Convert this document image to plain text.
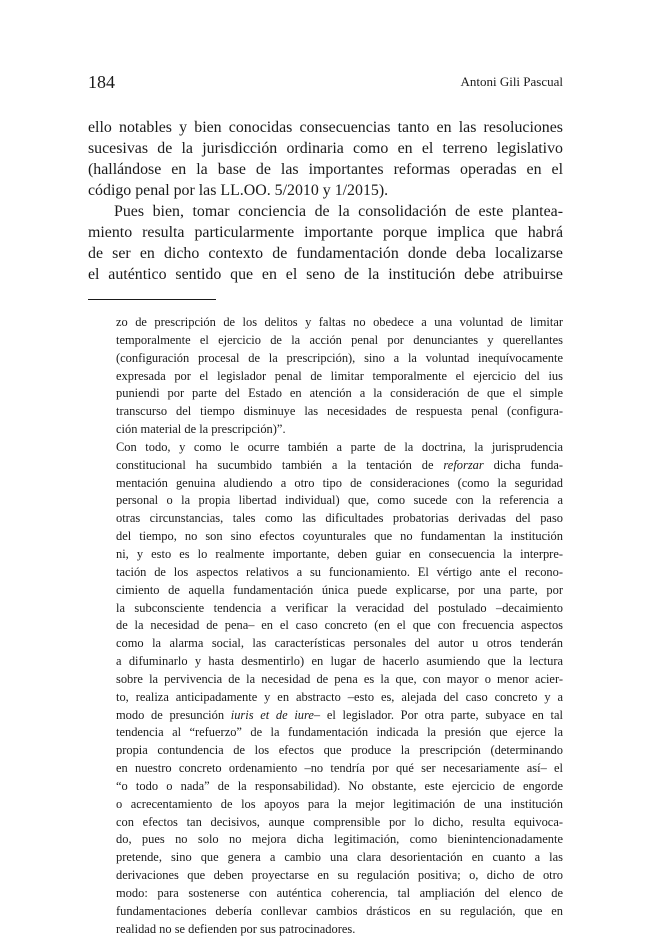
184	Antoni Gili Pascual

ello notables y bien conocidas consecuencias tanto en las resoluciones
sucesivas de la jurisdicción ordinaria como en el terreno legislativo
(hallándose en la base de las importantes reformas operadas en el
código penal por las LL.OO. 5/2010 y 1/2015).

Pues bien, tomar conciencia de la consolidación de este plantea-
miento resulta particularmente importante porque implica que habrá
de ser en dicho contexto de fundamentación donde deba localizarse
el auténtico sentido que en el seno de la institución debe atribuirse

zo de prescripción de los delitos y faltas no obedece a una voluntad de limitar
temporalmente el ejercicio de la acción penal por denunciantes y querellantes
(configuración procesal de la prescripción), sino a la voluntad inequívocamente
expresada por el legislador penal de limitar temporalmente el ejercicio del ius
puniendi por parte del Estado en atención a la consideración de que el simple
transcurso del tiempo disminuye las necesidades de respuesta penal (configura-
ción material de la prescripción)”.

Con todo, y como le ocurre también a parte de la doctrina, la jurisprudencia
constitucional ha sucumbido también a la tentación de reforzar dicha funda-
mentación genuina aludiendo a otro tipo de consideraciones (como la seguridad
personal o la propia libertad individual) que, como sucede con la referencia a
otras circunstancias, tales como las dificultades probatorias derivadas del paso
del tiempo, no son sino efectos coyunturales que no fundamentan la institución
ni, y esto es lo realmente importante, deben guiar en consecuencia la interpre-
tación de los aspectos relativos a su funcionamiento. El vértigo ante el recono-
cimiento de aquella fundamentación única puede explicarse, por una parte, por
la subconsciente tendencia a verificar la veracidad del postulado –decaimiento
de la necesidad de pena– en el caso concreto (en el que con frecuencia aspectos
como la alarma social, las características personales del autor u otros tenderán
a difuminarlo y hasta desmentirlo) en lugar de hacerlo asumiendo que la lectura
sobre la pervivencia de la necesidad de pena es la que, con mayor o menor acier-
to, realiza anticipadamente y en abstracto –esto es, alejada del caso concreto y a
modo de presunción iuris et de iure– el legislador. Por otra parte, subyace en tal
tendencia al “refuerzo” de la fundamentación indicada la presión que ejerce la
propia contundencia de los efectos que produce la prescripción (determinando
en nuestro concreto ordenamiento –no tendría por qué ser necesariamente así– el
“o todo o nada” de la responsabilidad). No obstante, este ejercicio de engorde
o acrecentamiento de los apoyos para la mejor legitimación de una institución
con efectos tan decisivos, aunque comprensible por lo dicho, resulta equivoca-
do, pues no solo no mejora dicha legitimación, como bienintencionadamente
pretende, sino que genera a cambio una clara desorientación en cuanto a las
derivaciones que deben proyectarse en su regulación positiva; o, dicho de otro
modo: para sostenerse con auténtica coherencia, tal ampliación del elenco de
fundamentaciones debería conllevar cambios drásticos en su regulación, que en
realidad no se defienden por sus patrocinadores.
